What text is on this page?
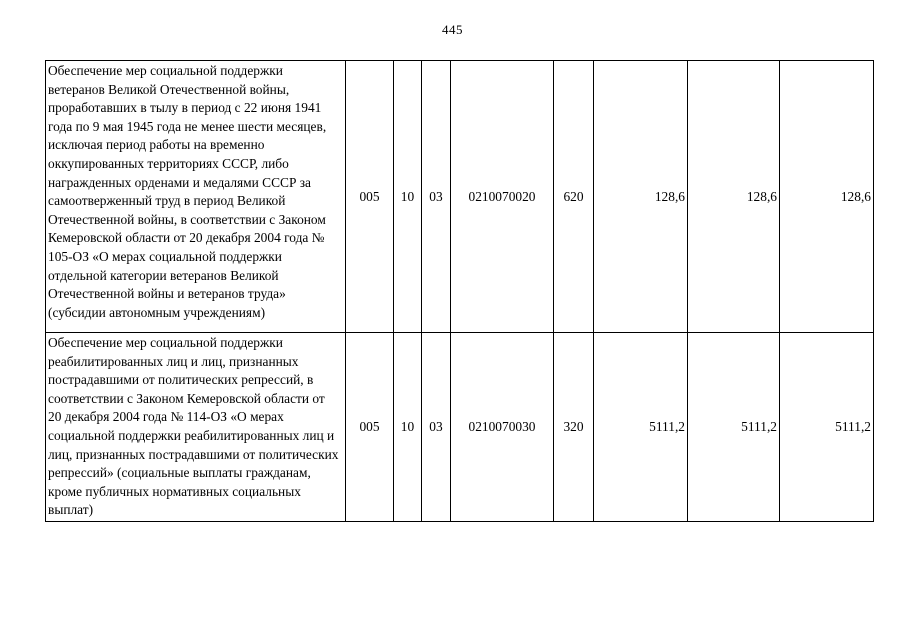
445
Обеспечение мер социальной поддержки ветеранов Великой Отечественной войны, проработавших в тылу в период с 22 июня 1941 года по 9 мая 1945 года не менее шести месяцев, исключая период работы на временно оккупированных территориях СССР, либо награжденных орденами и медалями СССР за самоотверженный труд в период Великой Отечественной войны, в соответствии с Законом Кемеровской области от 20 декабря 2004 года № 105-ОЗ «О мерах социальной поддержки отдельной категории ветеранов Великой Отечественной войны и ветеранов труда» (субсидии автономным учреждениям)	005	10	03	0210070020	620	128,6	128,6	128,6
Обеспечение мер социальной поддержки реабилитированных лиц и лиц, признанных пострадавшими от политических репрессий, в соответствии с Законом Кемеровской области от 20 декабря 2004 года № 114-ОЗ «О мерах социальной поддержки реабилитированных лиц и лиц, признанных пострадавшими от политических репрессий» (социальные выплаты гражданам, кроме публичных нормативных социальных выплат)	005	10	03	0210070030	320	5111,2	5111,2	5111,2
